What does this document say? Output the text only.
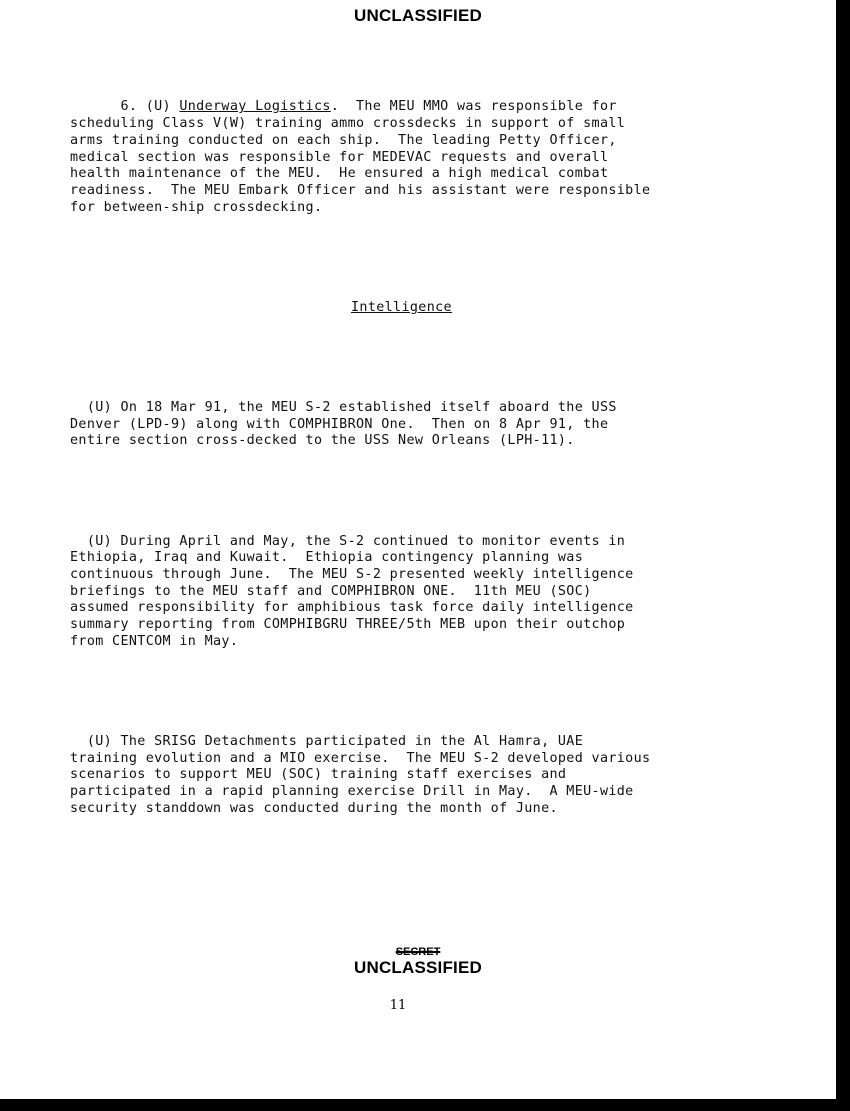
UNCLASSIFIED

6. (U) Underway Logistics.  The MEU MMO was responsible for
scheduling Class V(W) training ammo crossdecks in support of small
arms training conducted on each ship.  The leading Petty Officer,
medical section was responsible for MEDEVAC requests and overall
health maintenance of the MEU.  He ensured a high medical combat
readiness.  The MEU Embark Officer and his assistant were responsible
for between-ship crossdecking.

Intelligence

(U) On 18 Mar 91, the MEU S-2 established itself aboard the USS
Denver (LPD-9) along with COMPHIBRON One.  Then on 8 Apr 91, the
entire section cross-decked to the USS New Orleans (LPH-11).

(U) During April and May, the S-2 continued to monitor events in
Ethiopia, Iraq and Kuwait.  Ethiopia contingency planning was
continuous through June.  The MEU S-2 presented weekly intelligence
briefings to the MEU staff and COMPHIBRON ONE.  11th MEU (SOC)
assumed responsibility for amphibious task force daily intelligence
summary reporting from COMPHIBGRU THREE/5th MEB upon their outchop
from CENTCOM in May.

(U) The SRISG Detachments participated in the Al Hamra, UAE
training evolution and a MIO exercise.  The MEU S-2 developed various
scenarios to support MEU (SOC) training staff exercises and
participated in a rapid planning exercise Drill in May.  A MEU-wide
security standdown was conducted during the month of June.

SECRET
UNCLASSIFIED
11
